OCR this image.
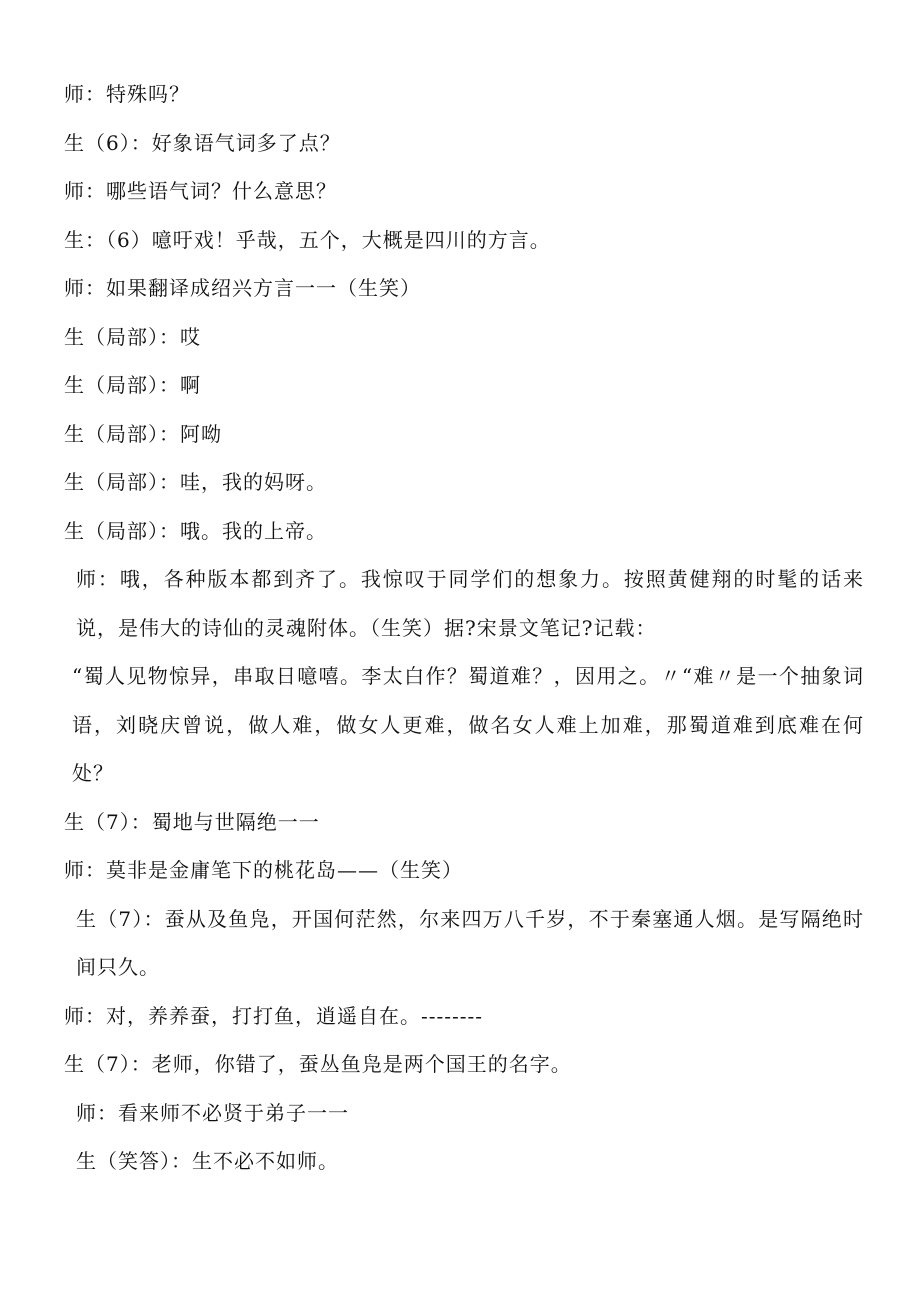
师：特殊吗？
生（6）：好象语气词多了点？
师：哪些语气词？什么意思？
生：（6）噫吁戏！乎哉，五个，大概是四川的方言。
师：如果翻译成绍兴方言一一（生笑）
生（局部）：哎
生（局部）：啊
生（局部）：阿呦
生（局部）：哇，我的妈呀。
生（局部）：哦。我的上帝。
师：哦，各种版本都到齐了。我惊叹于同学们的想象力。按照黄健翔的时髦的话来说，是伟大的诗仙的灵魂附体。（生笑）据?宋景文笔记?记载：
“蜀人见物惊异，串取日噫嘻。李太白作？蜀道难？，因用之。〃“难〃是一个抽象词语，刘晓庆曾说，做人难，做女人更难，做名女人难上加难，那蜀道难到底难在何处？
生（7）：蜀地与世隔绝一一
师：莫非是金庸笔下的桃花岛——（生笑）
生（7）：蚕从及鱼凫，开国何茫然，尔来四万八千岁，不于秦塞通人烟。是写隔绝时间只久。
师：对，养养蚕，打打鱼，逍遥自在。--------
生（7）：老师，你错了，蚕丛鱼凫是两个国王的名字。
师：看来师不必贤于弟子一一
生（笑答）：生不必不如师。
